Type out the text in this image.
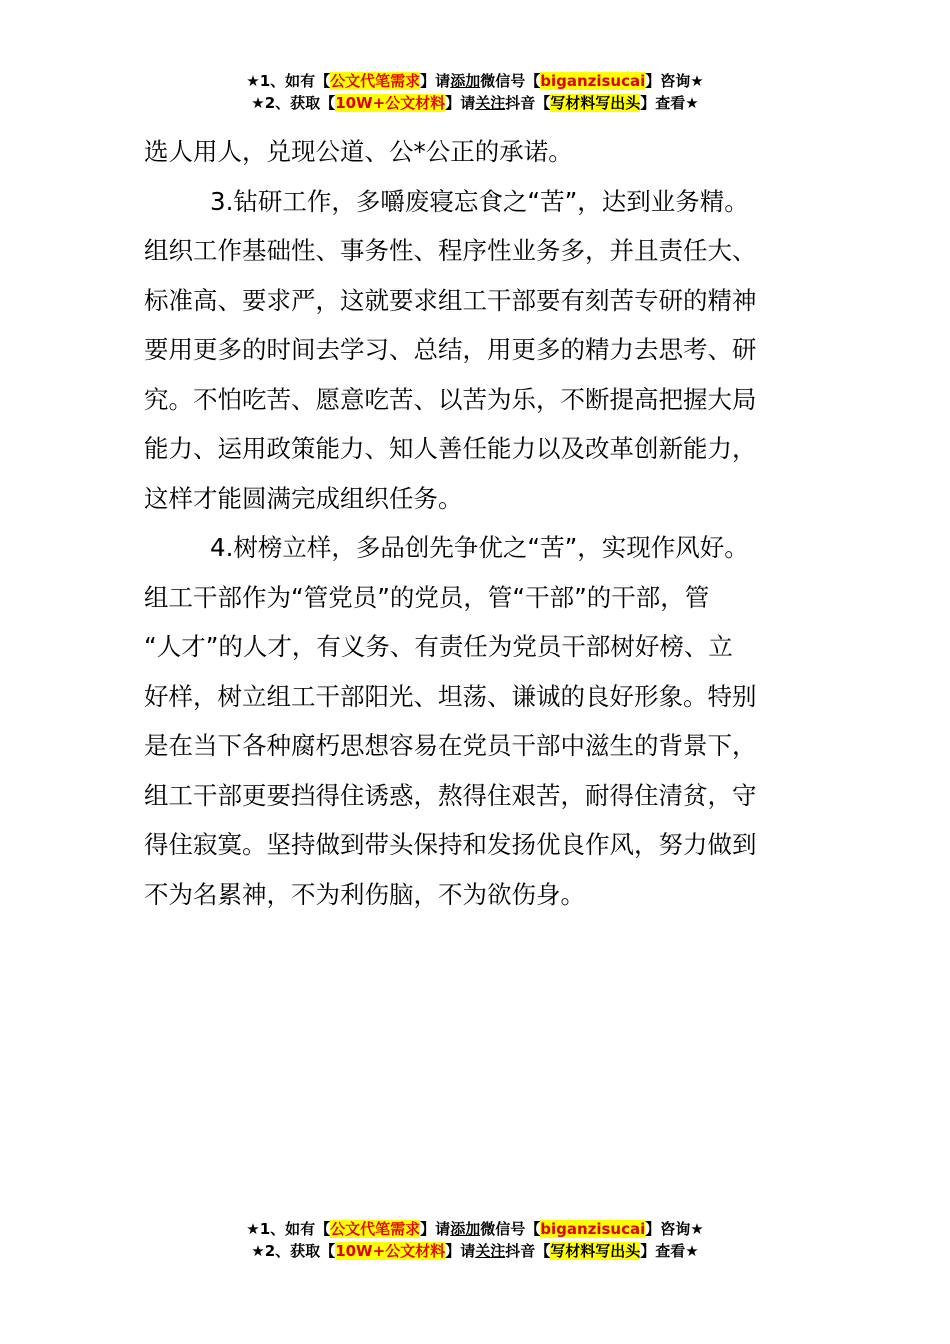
★1、如有【公文代笔需求】请添加微信号【biganzisucai】咨询★
★2、获取【10W+公文材料】请关注抖音【写材料写出头】查看★

选人用人，兑现公道、公*公正的承诺。

3.钻研工作，多嚼废寝忘食之“苦”，达到业务精。
组织工作基础性、事务性、程序性业务多，并且责任大、
标准高、要求严，这就要求组工干部要有刻苦专研的精神
要用更多的时间去学习、总结，用更多的精力去思考、研
究。不怕吃苦、愿意吃苦、以苦为乐，不断提高把握大局
能力、运用政策能力、知人善任能力以及改革创新能力，
这样才能圆满完成组织任务。

4.树榜立样，多品创先争优之“苦”，实现作风好。
组工干部作为“管党员”的党员，管“干部”的干部，管
“人才”的人才，有义务、有责任为党员干部树好榜、立
好样，树立组工干部阳光、坦荡、谦诚的良好形象。特别
是在当下各种腐朽思想容易在党员干部中滋生的背景下，
组工干部更要挡得住诱惑，熬得住艰苦，耐得住清贫，守
得住寂寞。坚持做到带头保持和发扬优良作风，努力做到
不为名累神，不为利伤脑，不为欲伤身。

★1、如有【公文代笔需求】请添加微信号【biganzisucai】咨询★
★2、获取【10W+公文材料】请关注抖音【写材料写出头】查看★
